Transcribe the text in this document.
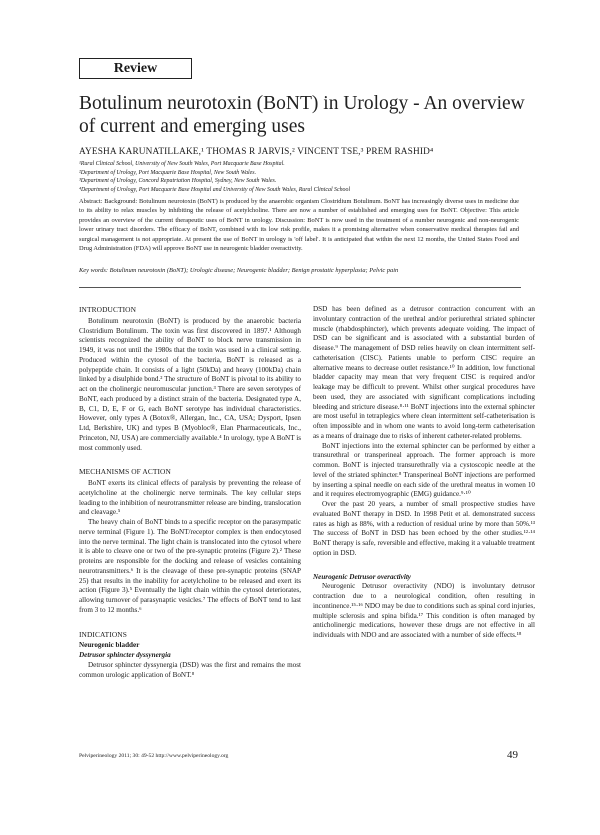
Review
Botulinum neurotoxin (BoNT) in Urology - An overview of current and emerging uses
AYESHA KARUNATILLAKE,¹ THOMAS R JARVIS,² VINCENT TSE,³ PREM RASHID⁴
¹Rural Clinical School, University of New South Wales, Port Macquarie Base Hospital.
²Department of Urology, Port Macquarie Base Hospital, New South Wales.
³Department of Urology, Concord Repatriation Hospital, Sydney, New South Wales.
⁴Department of Urology, Port Macquarie Base Hospital and University of New South Wales, Rural Clinical School

Abstract: Background: Botulinum neurotoxin (BoNT) is produced by the anaerobic organism Clostridium Botulinum. BoNT has increasingly diverse uses in medicine due to its ability to relax muscles by inhibiting the release of acetylcholine. There are now a number of established and emerging uses for BoNT. Objective: This article provides an overview of the current therapeutic uses of BoNT in urology. Discussion: BoNT is now used in the treatment of a number neurogenic and non-neurogenic lower urinary tract disorders. The efficacy of BoNT, combined with its low risk profile, makes it a promising alternative when conservative medical therapies fail and surgical management is not appropriate. At present the use of BoNT in urology is 'off label'. It is anticipated that within the next 12 months, the United States Food and Drug Administration (FDA) will approve BoNT use in neurogenic bladder overactivity.

Key words: Botulinum neurotoxin (BoNT); Urologic disease; Neurogenic bladder; Benign prostatic hyperplasia; Pelvic pain

INTRODUCTION

Botulinum neurotoxin (BoNT) is produced by the anaerobic bacteria Clostridium Botulinum. The toxin was first discovered in 1897.¹ Although scientists recognized the ability of BoNT to block nerve transmission in 1949, it was not until the 1980s that the toxin was used in a clinical setting. Produced within the cytosol of the bacteria, BoNT is released as a polypeptide chain. It consists of a light (50kDa) and heavy (100kDa) chain linked by a disulphide bond.² The structure of BoNT is pivotal to its ability to act on the cholinergic neuromuscular junction.³ There are seven serotypes of BoNT, each produced by a distinct strain of the bacteria. Designated type A, B, C1, D, E, F or G, each BoNT serotype has individual characteristics. However, only types A (Botox®, Allergan, Inc., CA, USA; Dysport, Ipsen Ltd, Berkshire, UK) and types B (Myobloc®, Elan Pharmaceuticals, Inc., Princeton, NJ, USA) are commercially available.⁴ In urology, type A BoNT is most commonly used.

MECHANISMS OF ACTION

BoNT exerts its clinical effects of paralysis by preventing the release of acetylcholine at the cholinergic nerve terminals. The key cellular steps leading to the inhibition of neurotransmitter release are binding, translocation and cleavage.⁵

The heavy chain of BoNT binds to a specific receptor on the parasympatic nerve terminal (Figure 1). The BoNT/receptor complex is then endocytosed into the nerve terminal. The light chain is translocated into the cytosol where it is able to cleave one or two of the pre-synaptic proteins (Figure 2).² These proteins are responsible for the docking and release of vesicles containing neurotransmitters.⁶ It is the cleavage of these pre-synaptic proteins (SNAP 25) that results in the inability for acetylcholine to be released and exert its action (Figure 3).⁵ Eventually the light chain within the cytosol deteriorates, allowing turnover of parasynaptic vesicles.⁷ The effects of BoNT tend to last from 3 to 12 months.⁶

INDICATIONS
Neurogenic bladder
Detrusor sphincter dyssynergia

Detrusor sphincter dyssynergia (DSD) was the first and remains the most common urologic application of BoNT.⁸

DSD has been defined as a detrusor contraction concurrent with an involuntary contraction of the urethral and/or periurethral striated sphincter muscle (rhabdosphincter), which prevents adequate voiding. The impact of DSD can be significant and is associated with a substantial burden of disease.⁹ The management of DSD relies heavily on clean intermittent self-catheterisation (CISC). Patients unable to perform CISC require an alternative means to decrease outlet resistance.¹⁰ In addition, low functional bladder capacity may mean that very frequent CISC is required and/or leakage may be difficult to prevent. Whilst other surgical procedures have been used, they are associated with significant complications including bleeding and stricture disease.⁸·¹¹ BoNT injections into the external sphincter are most useful in tetraplegics where clean intermittent self-catheterisation is often impossible and in whom one wants to avoid long-term catheterisation as a means of drainage due to risks of inherent catheter-related problems.

BoNT injections into the external sphincter can be performed by either a transurethral or transperineal approach. The former approach is more common. BoNT is injected transurethrally via a cystoscopic needle at the level of the striated sphincter.⁸ Transperineal BoNT injections are performed by inserting a spinal needle on each side of the urethral meatus in women 10 and it requires electromyographic (EMG) guidance.⁹·¹⁰

Over the past 20 years, a number of small prospective studies have evaluated BoNT therapy in DSD. In 1998 Petit et al. demonstrated success rates as high as 88%, with a reduction of residual urine by more than 50%.¹³ The success of BoNT in DSD has been echoed by the other studies.¹²·¹⁴ BoNT therapy is safe, reversible and effective, making it a valuable treatment option in DSD.

Neurogenic Detrusor overactivity

Neurogenic Detrusor overactivity (NDO) is involuntary detrusor contraction due to a neurological condition, often resulting in incontinence.¹⁵·¹⁶ NDO may be due to conditions such as spinal cord injuries, multiple sclerosis and spina bifida.¹⁷ This condition is often managed by anticholinergic medications, however these drugs are not effective in all individuals with NDO and are associated with a number of side effects.¹⁸

Pelviperineology 2011; 30: 49-52 http://www.pelviperineology.org	49
